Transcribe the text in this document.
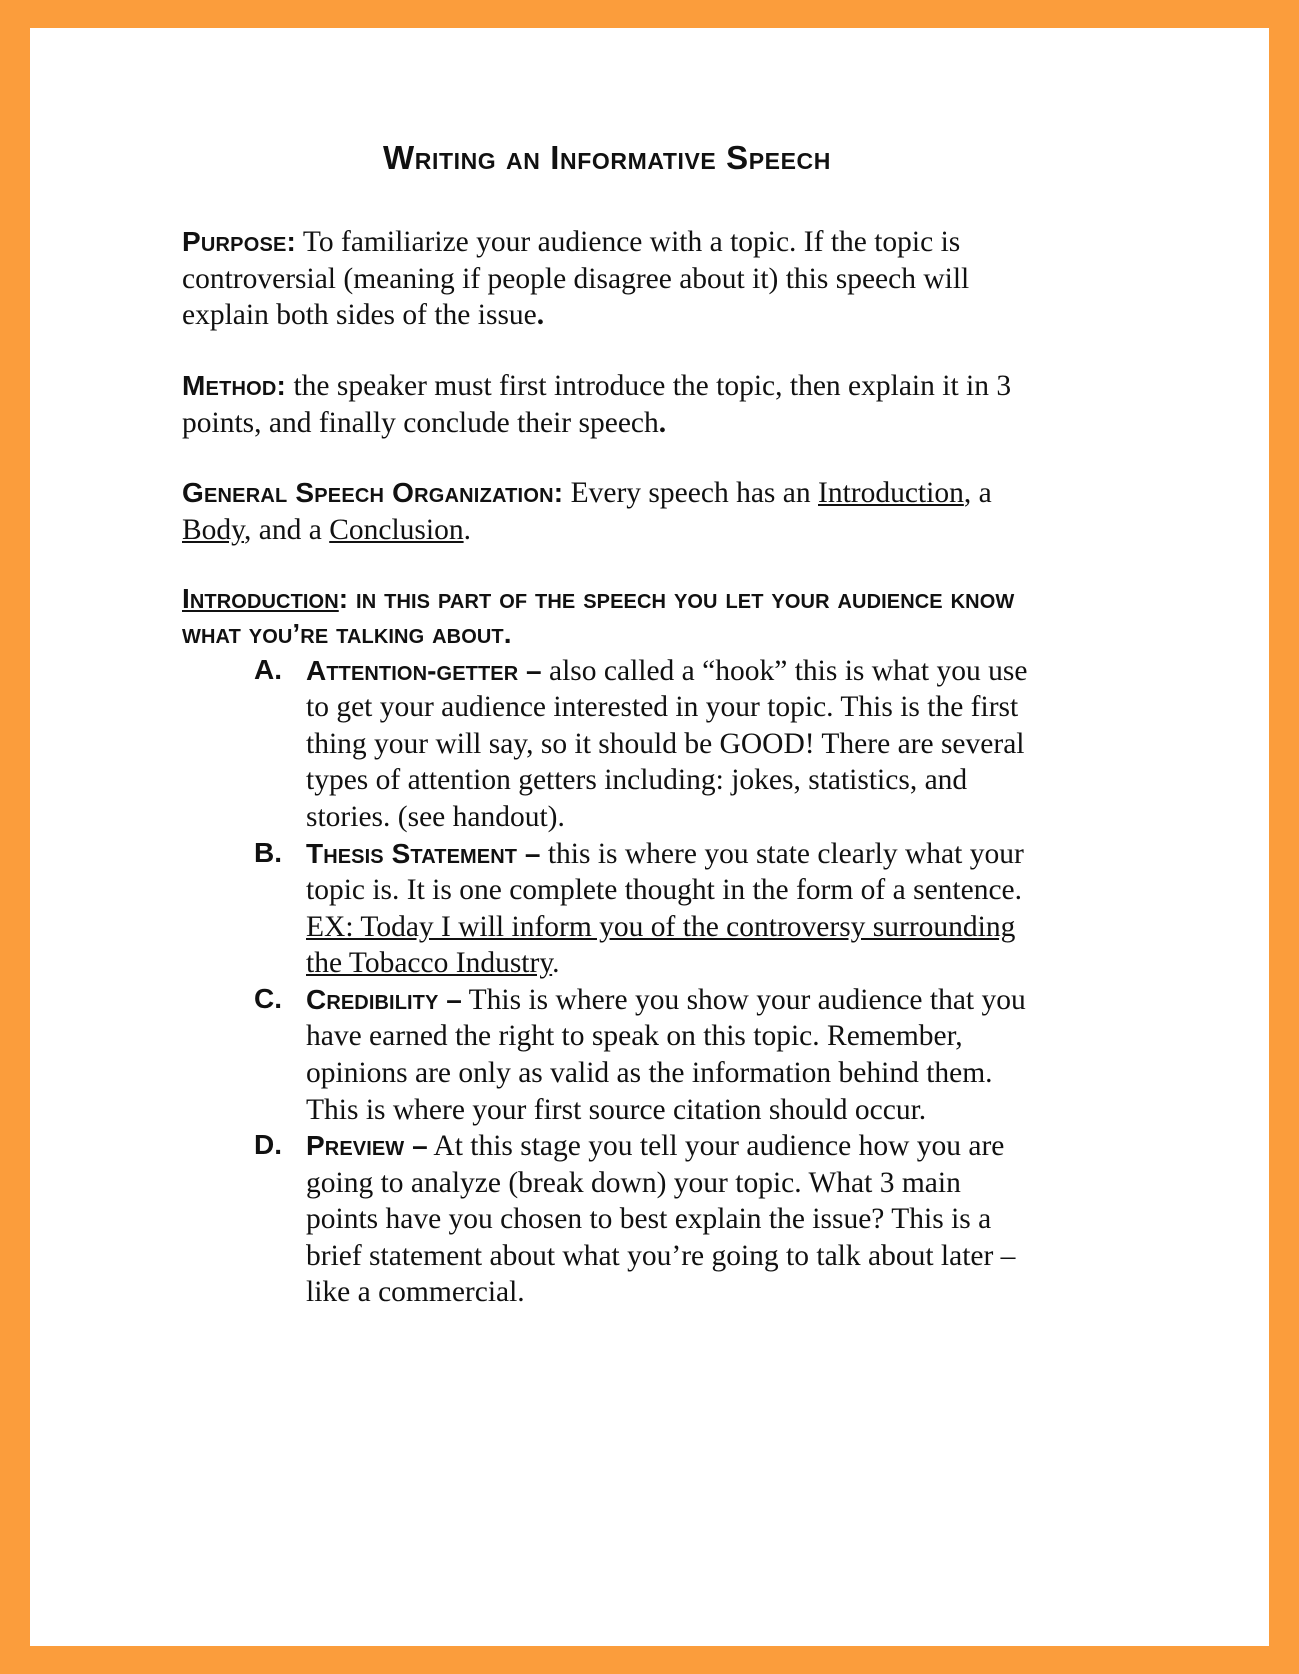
Writing an Informative Speech

Purpose: To familiarize your audience with a topic. If the topic is controversial (meaning if people disagree about it) this speech will explain both sides of the issue.

Method: the speaker must first introduce the topic, then explain it in 3 points, and finally conclude their speech.

General Speech Organization: Every speech has an Introduction, a Body, and a Conclusion.

Introduction: in this part of the speech you let your audience know what you’re talking about.

A. Attention-getter – also called a “hook” this is what you use to get your audience interested in your topic. This is the first thing your will say, so it should be GOOD! There are several types of attention getters including: jokes, statistics, and stories. (see handout).
B. Thesis Statement – this is where you state clearly what your topic is. It is one complete thought in the form of a sentence. EX: Today I will inform you of the controversy surrounding the Tobacco Industry.
C. Credibility – This is where you show your audience that you have earned the right to speak on this topic. Remember, opinions are only as valid as the information behind them. This is where your first source citation should occur.
D. Preview – At this stage you tell your audience how you are going to analyze (break down) your topic. What 3 main points have you chosen to best explain the issue? This is a brief statement about what you’re going to talk about later – like a commercial.
